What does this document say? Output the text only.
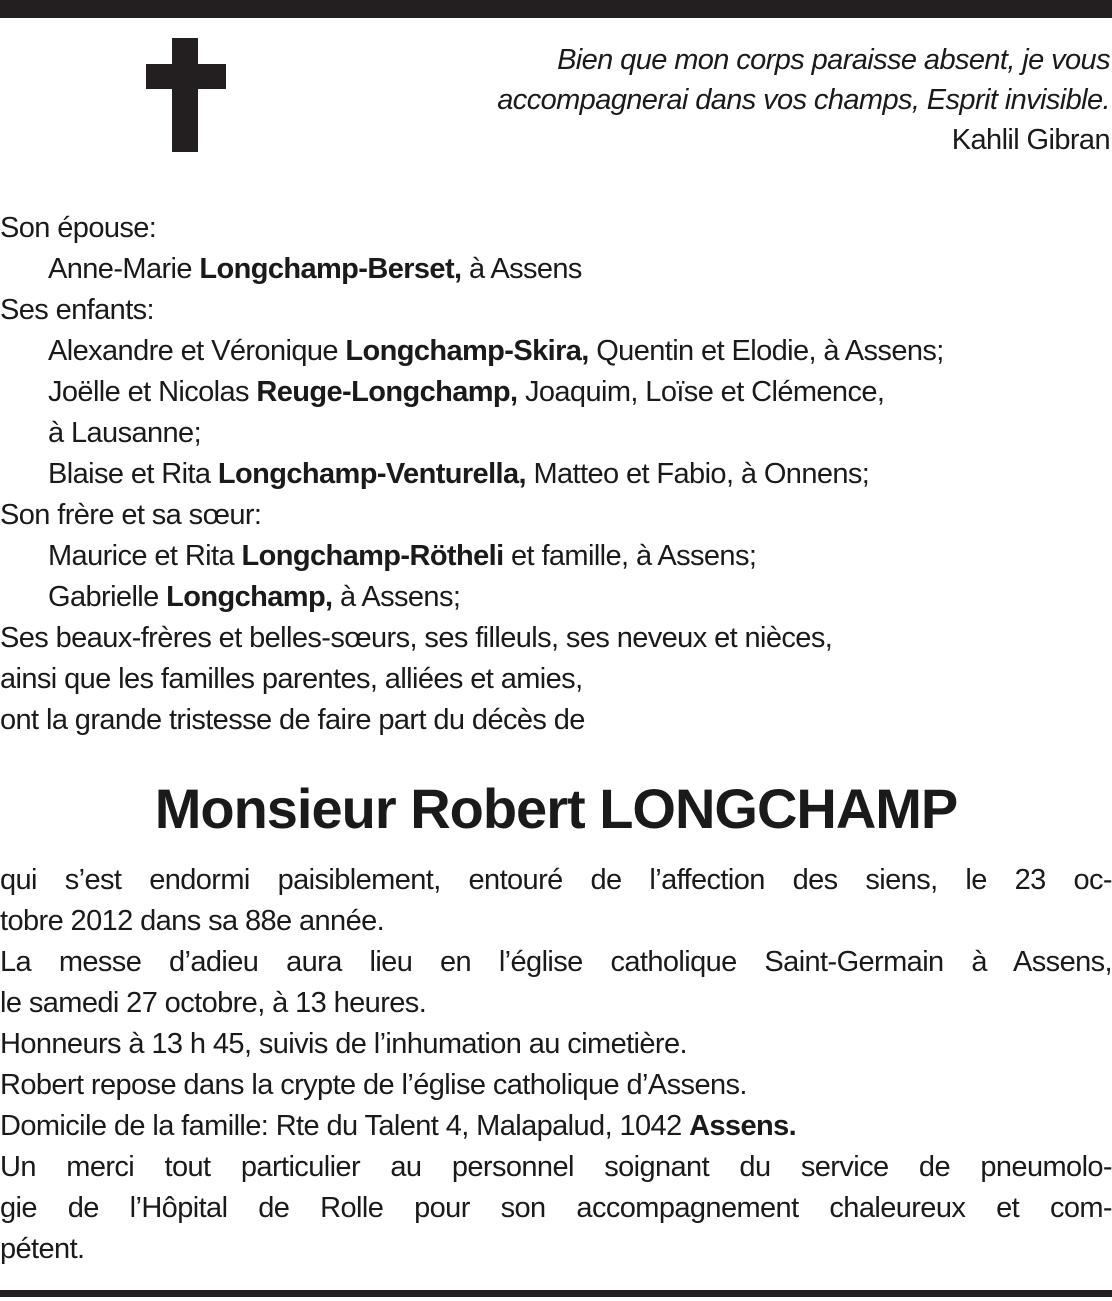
Bien que mon corps paraisse absent, je vous
accompagnerai dans vos champs, Esprit invisible.
Kahlil Gibran
Son épouse:
Anne-Marie Longchamp-Berset, à Assens
Ses enfants:
Alexandre et Véronique Longchamp-Skira, Quentin et Elodie, à Assens;
Joëlle et Nicolas Reuge-Longchamp, Joaquim, Loïse et Clémence,
à Lausanne;
Blaise et Rita Longchamp-Venturella, Matteo et Fabio, à Onnens;
Son frère et sa sœur:
Maurice et Rita Longchamp-Rötheli et famille, à Assens;
Gabrielle Longchamp, à Assens;
Ses beaux-frères et belles-sœurs, ses filleuls, ses neveux et nièces,
ainsi que les familles parentes, alliées et amies,
ont la grande tristesse de faire part du décès de
Monsieur Robert LONGCHAMP
qui s’est endormi paisiblement, entouré de l’affection des siens, le 23 oc-
tobre 2012 dans sa 88e année.
La messe d’adieu aura lieu en l’église catholique Saint-Germain à Assens,
le samedi 27 octobre, à 13 heures.
Honneurs à 13 h 45, suivis de l’inhumation au cimetière.
Robert repose dans la crypte de l’église catholique d’Assens.
Domicile de la famille: Rte du Talent 4, Malapalud, 1042 Assens.
Un merci tout particulier au personnel soignant du service de pneumolo-
gie de l’Hôpital de Rolle pour son accompagnement chaleureux et com-
pétent.
